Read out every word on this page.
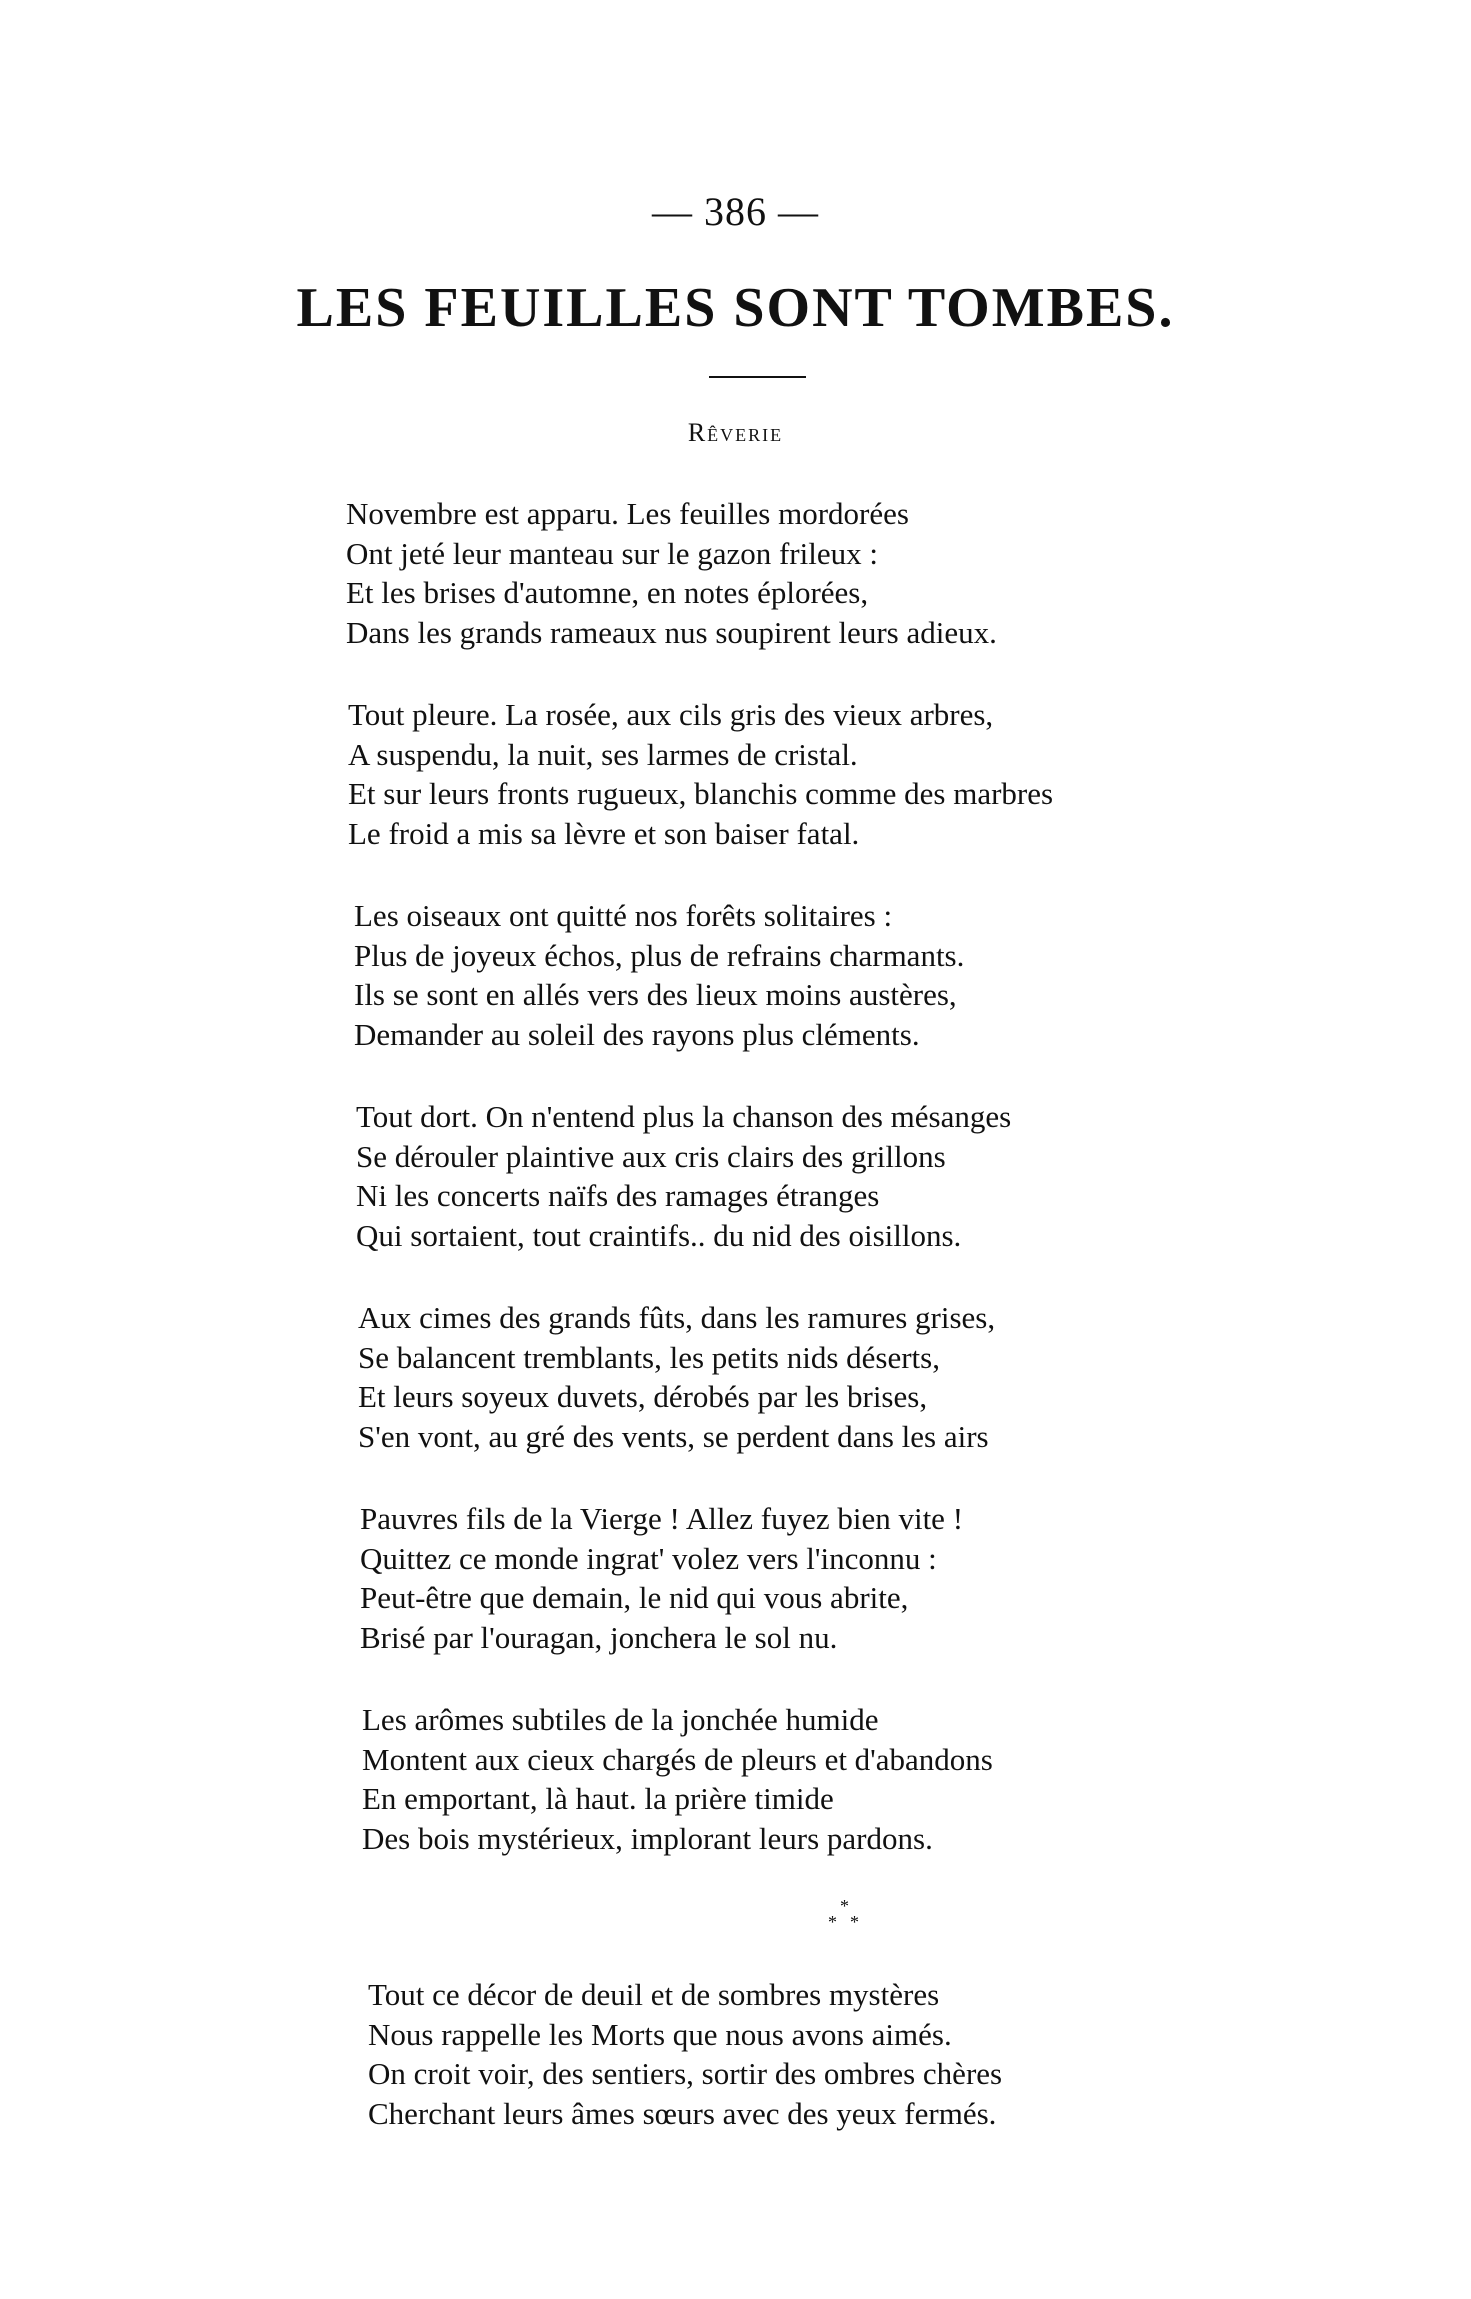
— 386 —
LES FEUILLES SONT TOMBES.
Rêverie
Novembre est apparu. Les feuilles mordorées
Ont jeté leur manteau sur le gazon frileux :
Et les brises d'automne, en notes éplorées,
Dans les grands rameaux nus soupirent leurs adieux.
Tout pleure. La rosée, aux cils gris des vieux arbres,
A suspendu, la nuit, ses larmes de cristal.
Et sur leurs fronts rugueux, blanchis comme des marbres
Le froid a mis sa lèvre et son baiser fatal.
Les oiseaux ont quitté nos forêts solitaires :
Plus de joyeux échos, plus de refrains charmants.
Ils se sont en allés vers des lieux moins austères,
Demander au soleil des rayons plus cléments.
Tout dort. On n'entend plus la chanson des mésanges
Se dérouler plaintive aux cris clairs des grillons
Ni les concerts naïfs des ramages étranges
Qui sortaient, tout craintifs.. du nid des oisillons.
Aux cimes des grands fûts, dans les ramures grises,
Se balancent tremblants, les petits nids déserts,
Et leurs soyeux duvets, dérobés par les brises,
S'en vont, au gré des vents, se perdent dans les airs
Pauvres fils de la Vierge ! Allez fuyez bien vite !
Quittez ce monde ingrat' volez vers l'inconnu :
Peut-être que demain, le nid qui vous abrite,
Brisé par l'ouragan, jonchera le sol nu.
Les arômes subtiles de la jonchée humide
Montent aux cieux chargés de pleurs et d'abandons
En emportant, là haut. la prière timide
Des bois mystérieux, implorant leurs pardons.
*
* *
Tout ce décor de deuil et de sombres mystères
Nous rappelle les Morts que nous avons aimés.
On croit voir, des sentiers, sortir des ombres chères
Cherchant leurs âmes sœurs avec des yeux fermés.
